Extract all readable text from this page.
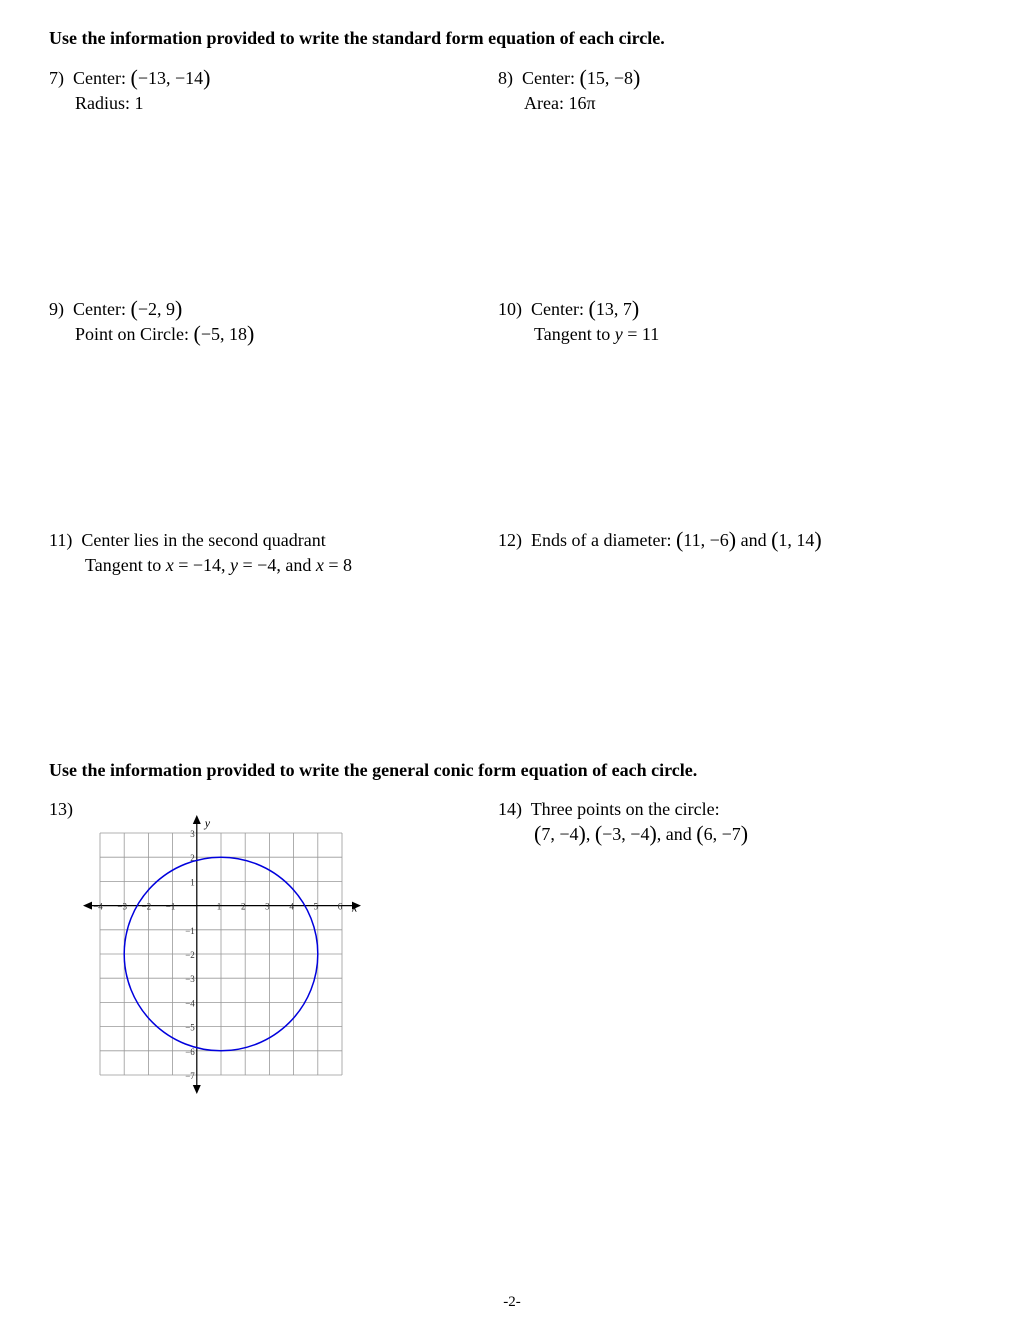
Use the information provided to write the standard form equation of each circle.
7) Center: (−13, −14)
Radius: 1
8) Center: (15, −8)
Area: 16π
9) Center: (−2, 9)
Point on Circle: (−5, 18)
10) Center: (13, 7)
Tangent to y = 11
11) Center lies in the second quadrant
Tangent to x = −14, y = −4, and x = 8
12) Ends of a diameter: (11, −6) and (1, 14)
Use the information provided to write the general conic form equation of each circle.
13)
−4 −3 −2 −1	1 2 3 4 5 6
3
2
1
−1
−2
−3
−4
−5
−6
−7
x
y
14) Three points on the circle:
(7, −4), (−3, −4), and (6, −7)
-2-
